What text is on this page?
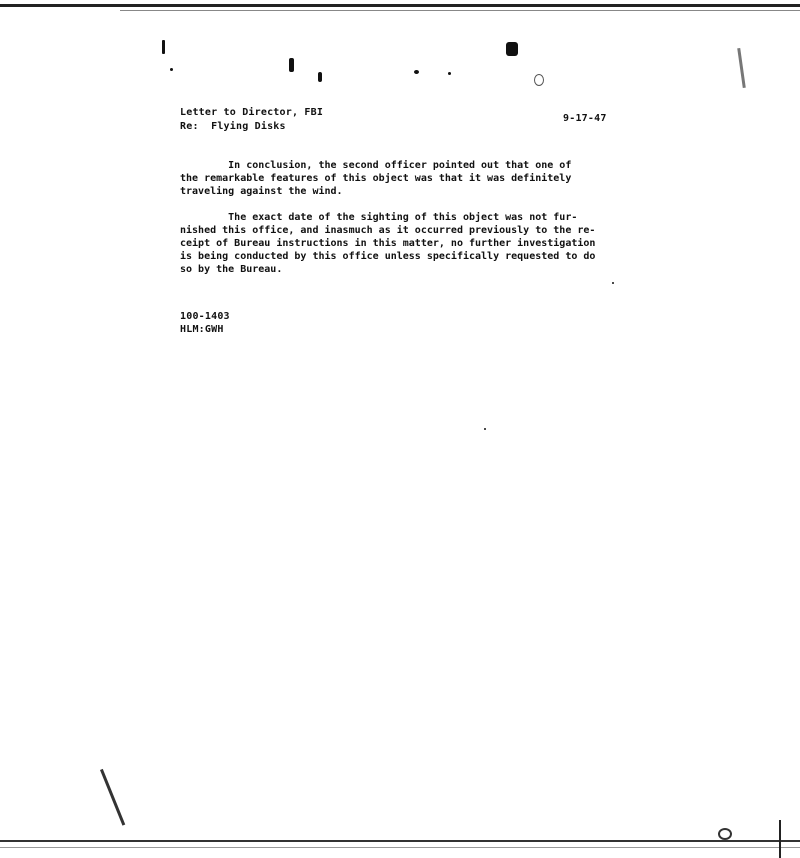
Letter to Director, FBI
Re:  Flying Disks
9-17-47
In conclusion, the second officer pointed out that one of
the remarkable features of this object was that it was definitely
traveling against the wind.
The exact date of the sighting of this object was not fur-
nished this office, and inasmuch as it occurred previously to the re-
ceipt of Bureau instructions in this matter, no further investigation
is being conducted by this office unless specifically requested to do
so by the Bureau.
100-1403
HLM:GWH
